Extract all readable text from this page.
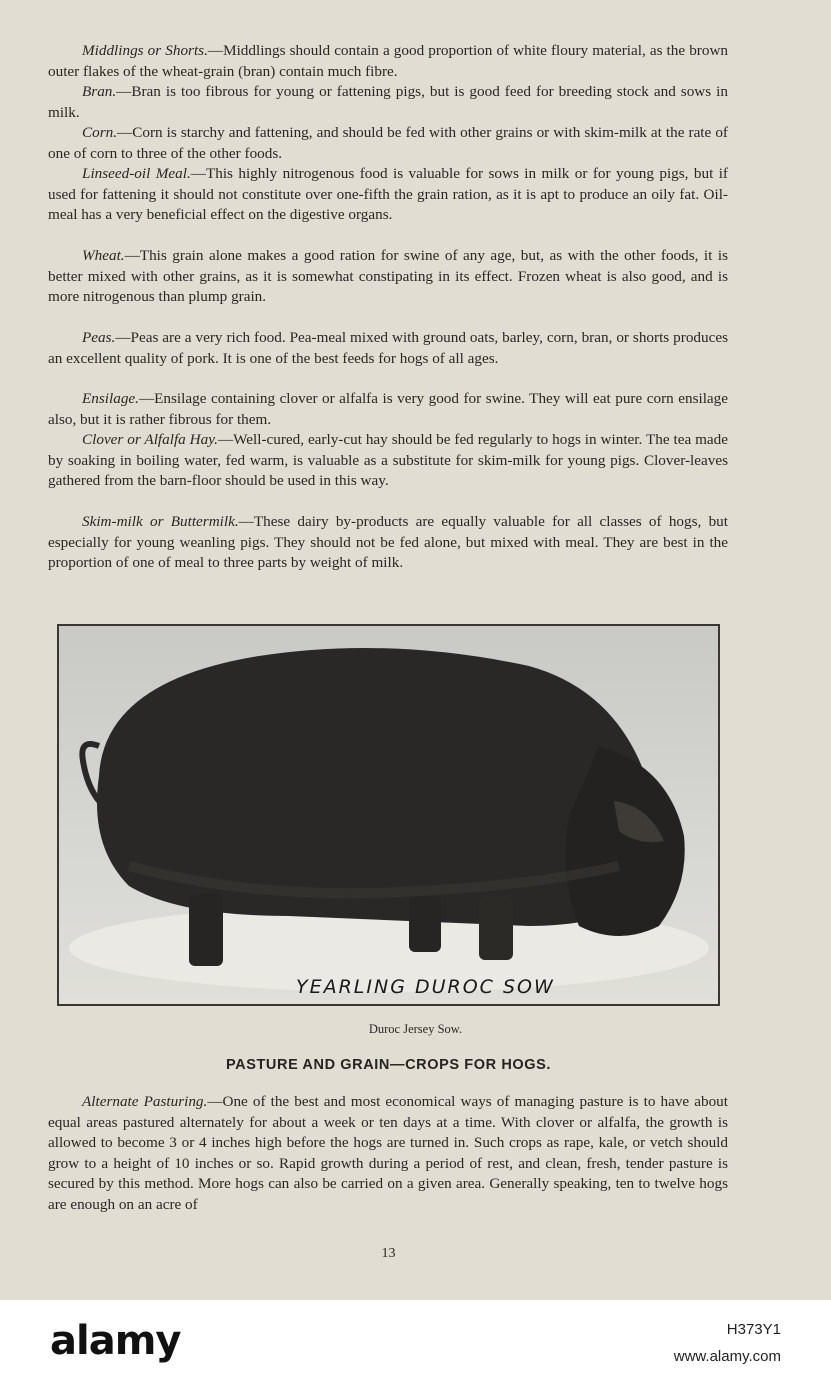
Middlings or Shorts.—Middlings should contain a good proportion of white floury material, as the brown outer flakes of the wheat-grain (bran) contain much fibre.

Bran.—Bran is too fibrous for young or fattening pigs, but is good feed for breeding stock and sows in milk.

Corn.—Corn is starchy and fattening, and should be fed with other grains or with skim-milk at the rate of one of corn to three of the other foods.

Linseed-oil Meal.—This highly nitrogenous food is valuable for sows in milk or for young pigs, but if used for fattening it should not constitute over one-fifth the grain ration, as it is apt to produce an oily fat. Oil-meal has a very beneficial effect on the digestive organs.

Wheat.—This grain alone makes a good ration for swine of any age, but, as with the other foods, it is better mixed with other grains, as it is somewhat constipating in its effect. Frozen wheat is also good, and is more nitrogenous than plump grain.

Peas.—Peas are a very rich food. Pea-meal mixed with ground oats, barley, corn, bran, or shorts produces an excellent quality of pork. It is one of the best feeds for hogs of all ages.

Ensilage.—Ensilage containing clover or alfalfa is very good for swine. They will eat pure corn ensilage also, but it is rather fibrous for them.

Clover or Alfalfa Hay.—Well-cured, early-cut hay should be fed regularly to hogs in winter. The tea made by soaking in boiling water, fed warm, is valuable as a substitute for skim-milk for young pigs. Clover-leaves gathered from the barn-floor should be used in this way.

Skim-milk or Buttermilk.—These dairy by-products are equally valuable for all classes of hogs, but especially for young weanling pigs. They should not be fed alone, but mixed with meal. They are best in the proportion of one of meal to three parts by weight of milk.

YEARLING DUROC SOW
Duroc Jersey Sow.
PASTURE AND GRAIN—CROPS FOR HOGS.

Alternate Pasturing.—One of the best and most economical ways of managing pasture is to have about equal areas pastured alternately for about a week or ten days at a time. With clover or alfalfa, the growth is allowed to become 3 or 4 inches high before the hogs are turned in. Such crops as rape, kale, or vetch should grow to a height of 10 inches or so. Rapid growth during a period of rest, and clean, fresh, tender pasture is secured by this method. More hogs can also be carried on a given area. Generally speaking, ten to twelve hogs are enough on an acre of

13
alamy	H373Y1
www.alamy.com
